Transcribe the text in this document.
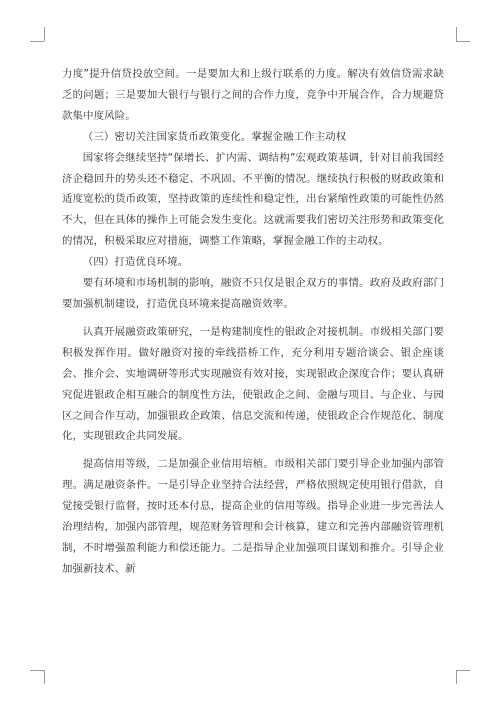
力度”提升信贷投放空间。一是要加大和上级行联系的力度。解决有效信贷需求缺乏的问题；三是要加大银行与银行之间的合作力度，竞争中开展合作，合力规避贷款集中度风险。

（三）密切关注国家货币政策变化。掌握金融工作主动权

国家将会继续坚持“保增长、扩内需、调结构”宏观政策基调，针对目前我国经济企稳回升的势头还不稳定、不巩固、不平衡的情况。继续执行积极的财政政策和适度宽松的货币政策，坚持政策的连续性和稳定性，出台紧缩性政策的可能性仍然不大，但在具体的操作上可能会发生变化。这就需要我们密切关注形势和政策变化的情况，积极采取应对措施，调整工作策略，掌握金融工作的主动权。

（四）打造优良环境。

要有环境和市场机制的影响，融资不只仅是银企双方的事情。政府及政府部门要加强机制建设，打造优良环境来提高融资效率。

认真开展融资政策研究，一是构建制度性的银政企对接机制。市级相关部门要积极发挥作用。做好融资对接的牵线搭桥工作，充分利用专题洽谈会、银企座谈会、推介会、实地调研等形式实现融资有效对接，实现银政企深度合作；要认真研究促进银政企相互融合的制度性方法，使银政企之间、金融与项目、与企业、与园区之间合作互动，加强银政企政策、信息交流和传递，使银政企合作规范化、制度化，实现银政企共同发展。

提高信用等级，二是加强企业信用培植。市级相关部门要引导企业加强内部管理。满足融资条件。一是引导企业坚持合法经营，严格依照规定使用银行借款，自觉接受银行监督，按时还本付息，提高企业的信用等级。指导企业进一步完善法人治理结构，加强内部管理，规范财务管理和会计核算，建立和完善内部融资管理机制，不时增强盈利能力和偿还能力。二是指导企业加强项目谋划和推介。引导企业加强新技术、新
